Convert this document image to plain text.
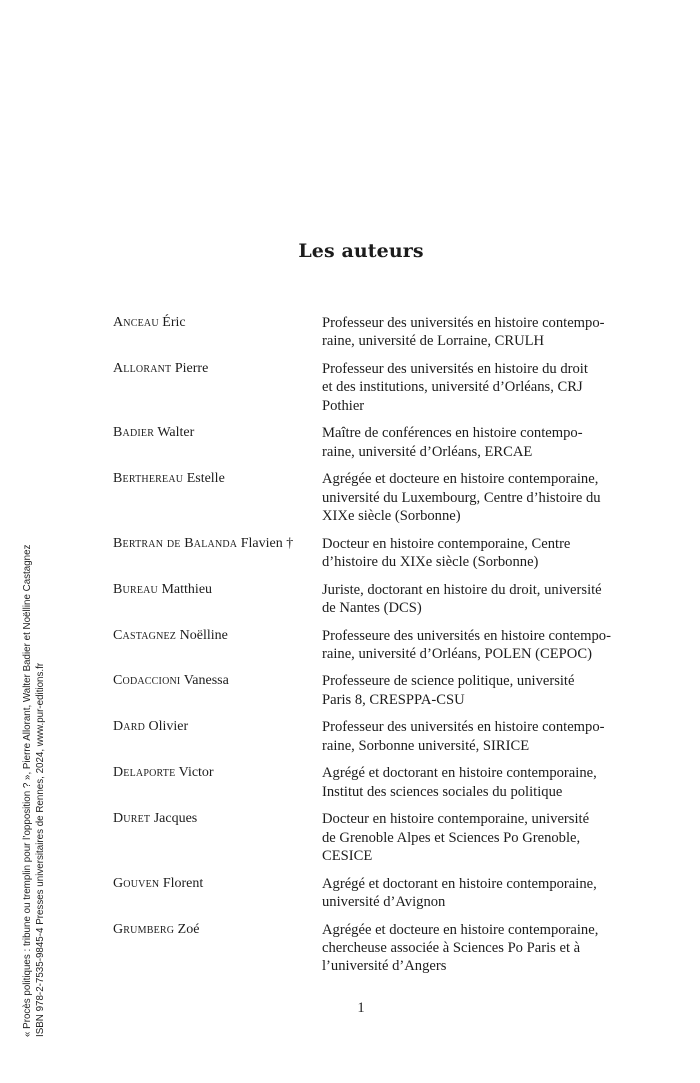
« Procès politiques : tribune ou tremplin pour l’opposition ? », Pierre Allorant, Walter Badier et Noëlline Castagnez ISBN 978-2-7535-9845-4 Presses universitaires de Rennes, 2024, www.pur-editions.fr
Les auteurs
Anceau Éric	Professeur des universités en histoire contempo-
raine, université de Lorraine, CRULH
Allorant Pierre	Professeur des universités en histoire du droit
et des institutions, université d’Orléans, CRJ
Pothier
Badier Walter	Maître de conférences en histoire contempo-
raine, université d’Orléans, ERCAE
Berthereau Estelle	Agrégée et docteure en histoire contemporaine,
université du Luxembourg, Centre d’histoire du
XIXe siècle (Sorbonne)
Bertran de Balanda Flavien †	Docteur en histoire contemporaine, Centre
d’histoire du XIXe siècle (Sorbonne)
Bureau Matthieu	Juriste, doctorant en histoire du droit, université
de Nantes (DCS)
Castagnez Noëlline	Professeure des universités en histoire contempo-
raine, université d’Orléans, POLEN (CEPOC)
Codaccioni Vanessa	Professeure de science politique, université
Paris 8, CRESPPA-CSU
Dard Olivier	Professeur des universités en histoire contempo-
raine, Sorbonne université, SIRICE
Delaporte Victor	Agrégé et doctorant en histoire contemporaine,
Institut des sciences sociales du politique
Duret Jacques	Docteur en histoire contemporaine, université
de Grenoble Alpes et Sciences Po Grenoble,
CESICE
Gouven Florent	Agrégé et doctorant en histoire contemporaine,
université d’Avignon
Grumberg Zoé	Agrégée et docteure en histoire contemporaine,
chercheuse associée à Sciences Po Paris et à
l’université d’Angers
1
